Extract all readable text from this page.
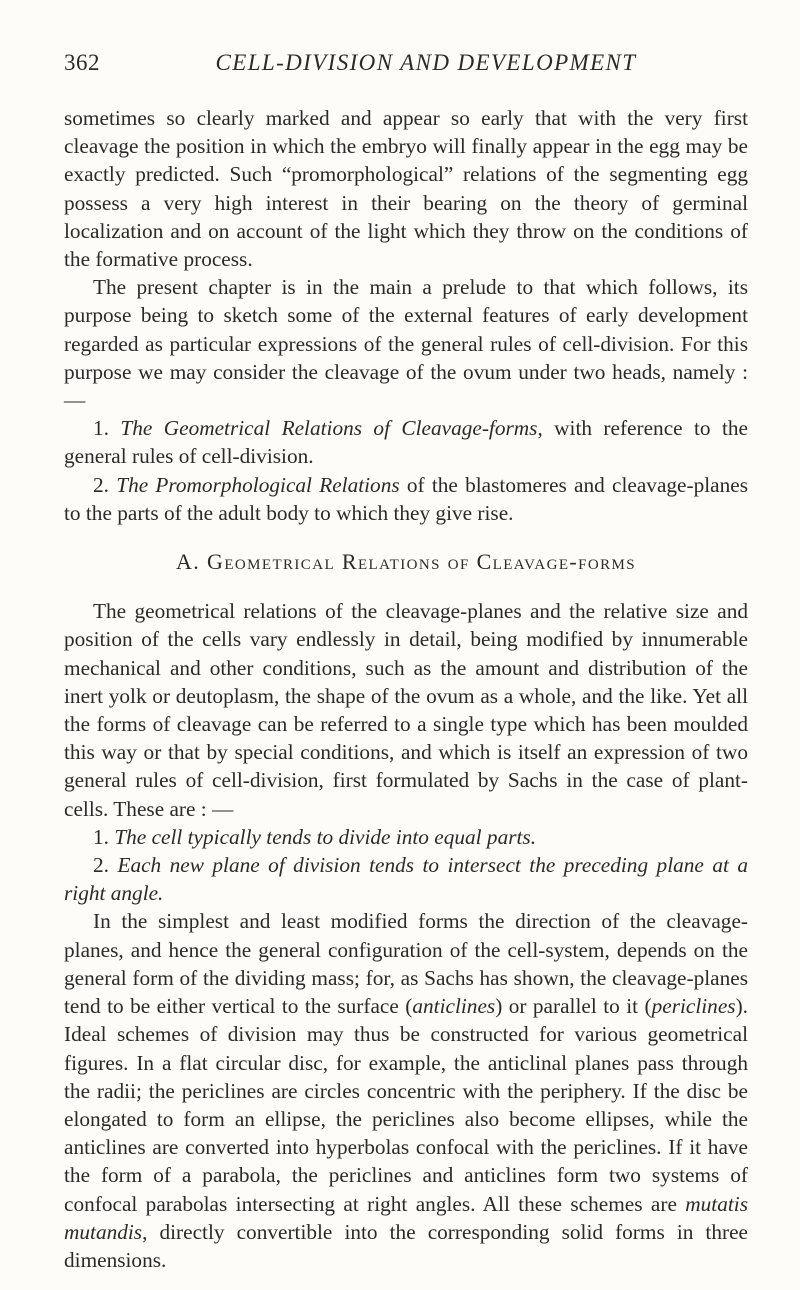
362	CELL-DIVISION AND DEVELOPMENT

sometimes so clearly marked and appear so early that with the very first cleavage the position in which the embryo will finally appear in the egg may be exactly predicted. Such “promorphological” relations of the segmenting egg possess a very high interest in their bearing on the theory of germinal localization and on account of the light which they throw on the conditions of the formative process.

The present chapter is in the main a prelude to that which follows, its purpose being to sketch some of the external features of early development regarded as particular expressions of the general rules of cell-division. For this purpose we may consider the cleavage of the ovum under two heads, namely : —

1. The Geometrical Relations of Cleavage-forms, with reference to the general rules of cell-division.

2. The Promorphological Relations of the blastomeres and cleavage-planes to the parts of the adult body to which they give rise.

A. Geometrical Relations of Cleavage-forms

The geometrical relations of the cleavage-planes and the relative size and position of the cells vary endlessly in detail, being modified by innumerable mechanical and other conditions, such as the amount and distribution of the inert yolk or deutoplasm, the shape of the ovum as a whole, and the like. Yet all the forms of cleavage can be referred to a single type which has been moulded this way or that by special conditions, and which is itself an expression of two general rules of cell-division, first formulated by Sachs in the case of plant-cells. These are : —

1. The cell typically tends to divide into equal parts.

2. Each new plane of division tends to intersect the preceding plane at a right angle.

In the simplest and least modified forms the direction of the cleavage-planes, and hence the general configuration of the cell-system, depends on the general form of the dividing mass; for, as Sachs has shown, the cleavage-planes tend to be either vertical to the surface (anticlines) or parallel to it (periclines). Ideal schemes of division may thus be constructed for various geometrical figures. In a flat circular disc, for example, the anticlinal planes pass through the radii; the periclines are circles concentric with the periphery. If the disc be elongated to form an ellipse, the periclines also become ellipses, while the anticlines are converted into hyperbolas confocal with the periclines. If it have the form of a parabola, the periclines and anticlines form two systems of confocal parabolas intersecting at right angles. All these schemes are mutatis mutandis, directly convertible into the corresponding solid forms in three dimensions.
